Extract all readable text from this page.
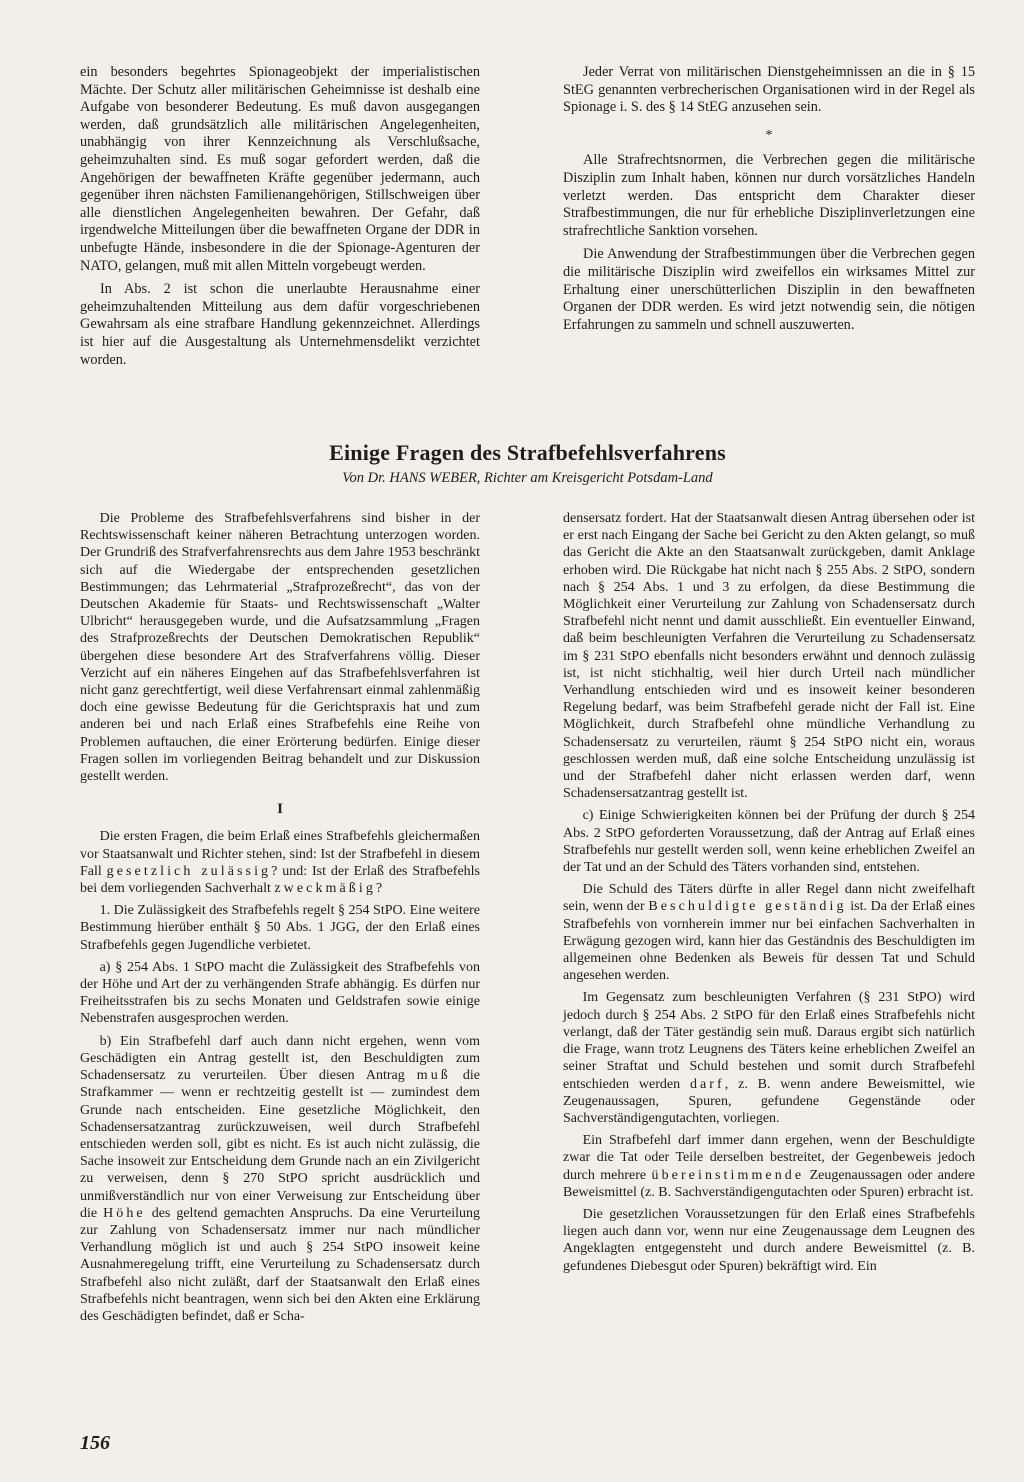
ein besonders begehrtes Spionageobjekt der imperialistischen Mächte. Der Schutz aller militärischen Geheimnisse ist deshalb eine Aufgabe von besonderer Bedeutung. Es muß davon ausgegangen werden, daß grundsätzlich alle militärischen Angelegenheiten, unabhängig von ihrer Kennzeichnung als Verschlußsache, geheimzuhalten sind. Es muß sogar gefordert werden, daß die Angehörigen der bewaffneten Kräfte gegenüber jedermann, auch gegenüber ihren nächsten Familienangehörigen, Stillschweigen über alle dienstlichen Angelegenheiten bewahren. Der Gefahr, daß irgendwelche Mitteilungen über die bewaffneten Organe der DDR in unbefugte Hände, insbesondere in die der Spionage-Agenturen der NATO, gelangen, muß mit allen Mitteln vorgebeugt werden.

In Abs. 2 ist schon die unerlaubte Herausnahme einer geheimzuhaltenden Mitteilung aus dem dafür vorgeschriebenen Gewahrsam als eine strafbare Handlung gekennzeichnet. Allerdings ist hier auf die Ausgestaltung als Unternehmensdelikt verzichtet worden.

Jeder Verrat von militärischen Dienstgeheimnissen an die in § 15 StEG genannten verbrecherischen Organisationen wird in der Regel als Spionage i. S. des § 14 StEG anzusehen sein.

*

Alle Strafrechtsnormen, die Verbrechen gegen die militärische Disziplin zum Inhalt haben, können nur durch vorsätzliches Handeln verletzt werden. Das entspricht dem Charakter dieser Strafbestimmungen, die nur für erhebliche Disziplinverletzungen eine strafrechtliche Sanktion vorsehen.

Die Anwendung der Strafbestimmungen über die Verbrechen gegen die militärische Disziplin wird zweifellos ein wirksames Mittel zur Erhaltung einer unerschütterlichen Disziplin in den bewaffneten Organen der DDR werden. Es wird jetzt notwendig sein, die nötigen Erfahrungen zu sammeln und schnell auszuwerten.

Einige Fragen des Strafbefehlsverfahrens
Von Dr. HANS WEBER, Richter am Kreisgericht Potsdam-Land

Die Probleme des Strafbefehlsverfahrens sind bisher in der Rechtswissenschaft keiner näheren Betrachtung unterzogen worden. Der Grundriß des Strafverfahrensrechts aus dem Jahre 1953 beschränkt sich auf die Wiedergabe der entsprechenden gesetzlichen Bestimmungen; das Lehrmaterial „Strafprozeßrecht“, das von der Deutschen Akademie für Staats- und Rechtswissenschaft „Walter Ulbricht“ herausgegeben wurde, und die Aufsatzsammlung „Fragen des Strafprozeßrechts der Deutschen Demokratischen Republik“ übergehen diese besondere Art des Strafverfahrens völlig. Dieser Verzicht auf ein näheres Eingehen auf das Strafbefehlsverfahren ist nicht ganz gerechtfertigt, weil diese Verfahrensart einmal zahlenmäßig doch eine gewisse Bedeutung für die Gerichtspraxis hat und zum anderen bei und nach Erlaß eines Strafbefehls eine Reihe von Problemen auftauchen, die einer Erörterung bedürfen. Einige dieser Fragen sollen im vorliegenden Beitrag behandelt und zur Diskussion gestellt werden.

I

Die ersten Fragen, die beim Erlaß eines Strafbefehls gleichermaßen vor Staatsanwalt und Richter stehen, sind: Ist der Strafbefehl in diesem Fall gesetzlich zulässig? und: Ist der Erlaß des Strafbefehls bei dem vorliegenden Sachverhalt zweckmäßig?

1. Die Zulässigkeit des Strafbefehls regelt § 254 StPO. Eine weitere Bestimmung hierüber enthält § 50 Abs. 1 JGG, der den Erlaß eines Strafbefehls gegen Jugendliche verbietet.

a) § 254 Abs. 1 StPO macht die Zulässigkeit des Strafbefehls von der Höhe und Art der zu verhängenden Strafe abhängig. Es dürfen nur Freiheitsstrafen bis zu sechs Monaten und Geldstrafen sowie einige Nebenstrafen ausgesprochen werden.

b) Ein Strafbefehl darf auch dann nicht ergehen, wenn vom Geschädigten ein Antrag gestellt ist, den Beschuldigten zum Schadensersatz zu verurteilen. Über diesen Antrag muß die Strafkammer — wenn er rechtzeitig gestellt ist — zumindest dem Grunde nach entscheiden. Eine gesetzliche Möglichkeit, den Schadensersatzantrag zurückzuweisen, weil durch Strafbefehl entschieden werden soll, gibt es nicht. Es ist auch nicht zulässig, die Sache insoweit zur Entscheidung dem Grunde nach an ein Zivilgericht zu verweisen, denn § 270 StPO spricht ausdrücklich und unmißverständlich nur von einer Verweisung zur Entscheidung über die Höhe des geltend gemachten Anspruchs. Da eine Verurteilung zur Zahlung von Schadensersatz immer nur nach mündlicher Verhandlung möglich ist und auch § 254 StPO insoweit keine Ausnahmeregelung trifft, eine Verurteilung zu Schadensersatz durch Strafbefehl also nicht zuläßt, darf der Staatsanwalt den Erlaß eines Strafbefehls nicht beantragen, wenn sich bei den Akten eine Erklärung des Geschädigten befindet, daß er Scha-

densersatz fordert. Hat der Staatsanwalt diesen Antrag übersehen oder ist er erst nach Eingang der Sache bei Gericht zu den Akten gelangt, so muß das Gericht die Akte an den Staatsanwalt zurückgeben, damit Anklage erhoben wird. Die Rückgabe hat nicht nach § 255 Abs. 2 StPO, sondern nach § 254 Abs. 1 und 3 zu erfolgen, da diese Bestimmung die Möglichkeit einer Verurteilung zur Zahlung von Schadensersatz durch Strafbefehl nicht nennt und damit ausschließt. Ein eventueller Einwand, daß beim beschleunigten Verfahren die Verurteilung zu Schadensersatz im § 231 StPO ebenfalls nicht besonders erwähnt und dennoch zulässig ist, ist nicht stichhaltig, weil hier durch Urteil nach mündlicher Verhandlung entschieden wird und es insoweit keiner besonderen Regelung bedarf, was beim Strafbefehl gerade nicht der Fall ist. Eine Möglichkeit, durch Strafbefehl ohne mündliche Verhandlung zu Schadensersatz zu verurteilen, räumt § 254 StPO nicht ein, woraus geschlossen werden muß, daß eine solche Entscheidung unzulässig ist und der Strafbefehl daher nicht erlassen werden darf, wenn Schadensersatzantrag gestellt ist.

c) Einige Schwierigkeiten können bei der Prüfung der durch § 254 Abs. 2 StPO geforderten Voraussetzung, daß der Antrag auf Erlaß eines Strafbefehls nur gestellt werden soll, wenn keine erheblichen Zweifel an der Tat und an der Schuld des Täters vorhanden sind, entstehen.

Die Schuld des Täters dürfte in aller Regel dann nicht zweifelhaft sein, wenn der Beschuldigte geständig ist. Da der Erlaß eines Strafbefehls von vornherein immer nur bei einfachen Sachverhalten in Erwägung gezogen wird, kann hier das Geständnis des Beschuldigten im allgemeinen ohne Bedenken als Beweis für dessen Tat und Schuld angesehen werden.

Im Gegensatz zum beschleunigten Verfahren (§ 231 StPO) wird jedoch durch § 254 Abs. 2 StPO für den Erlaß eines Strafbefehls nicht verlangt, daß der Täter geständig sein muß. Daraus ergibt sich natürlich die Frage, wann trotz Leugnens des Täters keine erheblichen Zweifel an seiner Straftat und Schuld bestehen und somit durch Strafbefehl entschieden werden darf, z. B. wenn andere Beweismittel, wie Zeugenaussagen, Spuren, gefundene Gegenstände oder Sachverständigengutachten, vorliegen.

Ein Strafbefehl darf immer dann ergehen, wenn der Beschuldigte zwar die Tat oder Teile derselben bestreitet, der Gegenbeweis jedoch durch mehrere übereinstimmende Zeugenaussagen oder andere Beweismittel (z. B. Sachverständigengutachten oder Spuren) erbracht ist.

Die gesetzlichen Voraussetzungen für den Erlaß eines Strafbefehls liegen auch dann vor, wenn nur eine Zeugenaussage dem Leugnen des Angeklagten entgegensteht und durch andere Beweismittel (z. B. gefundenes Diebesgut oder Spuren) bekräftigt wird. Ein

156
